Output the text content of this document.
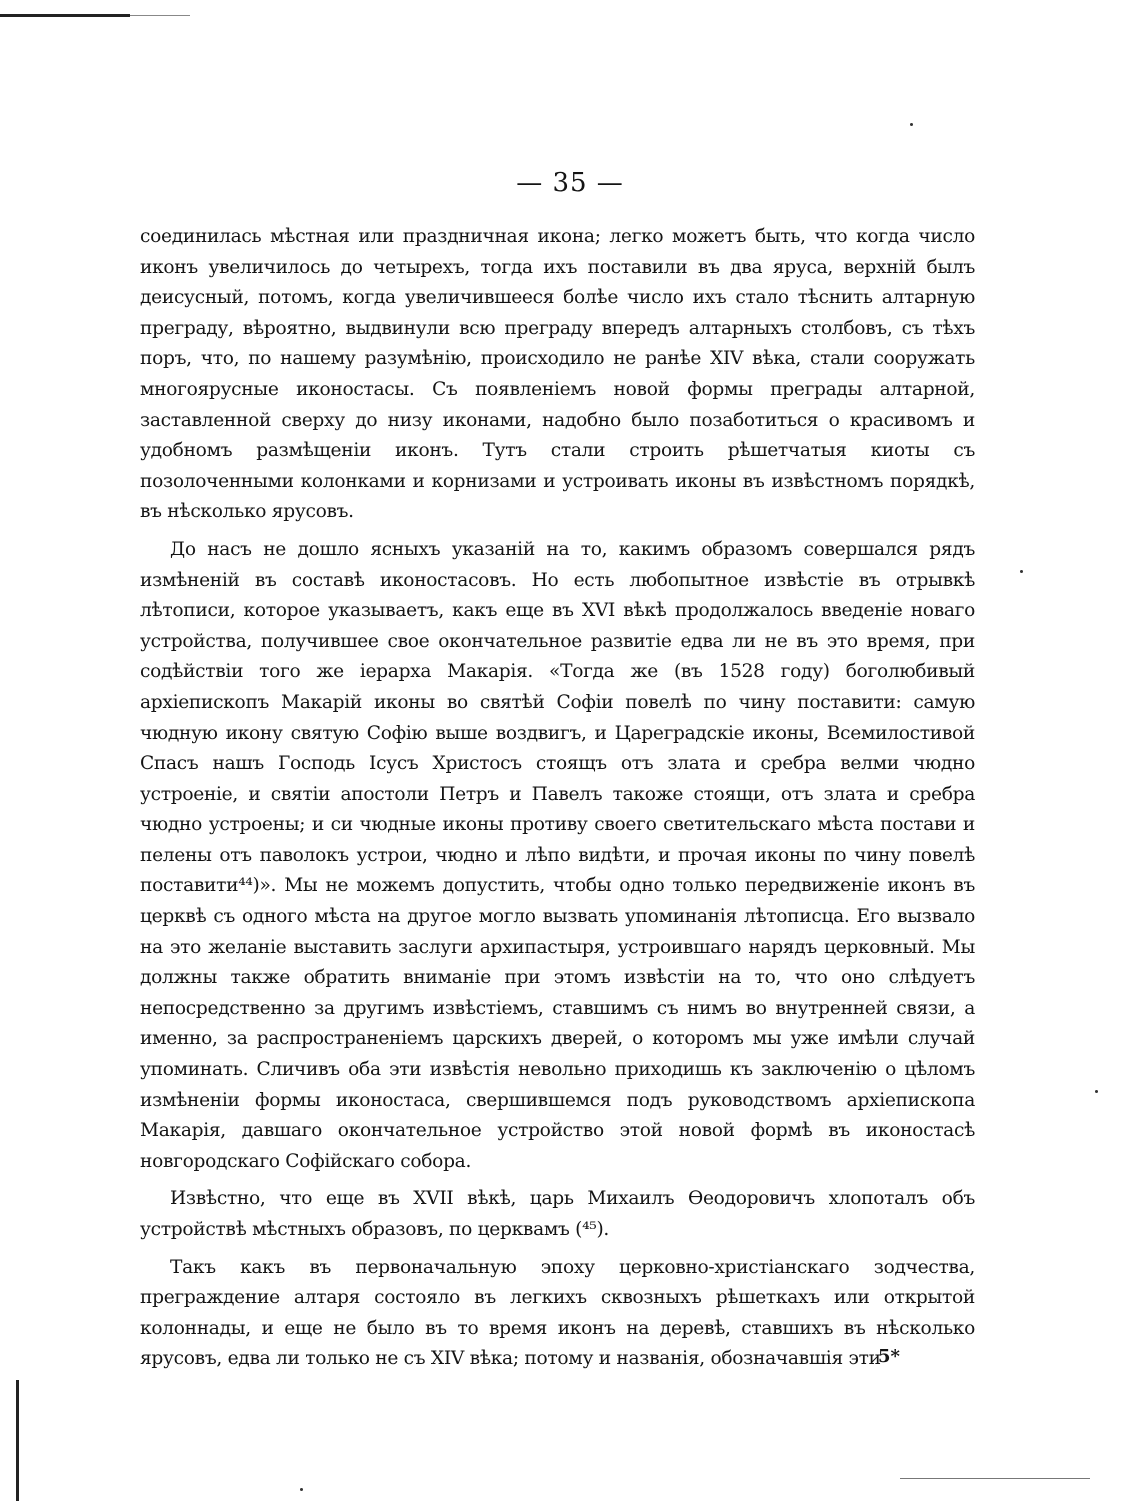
— 35 —

соединилась мѣстная или праздничная икона; легко можетъ быть, что когда число иконъ увеличилось до четырехъ, тогда ихъ поставили въ два яруса, верхній былъ деисусный, потомъ, когда увеличившееся болѣе число ихъ стало тѣснить алтарную преграду, вѣроятно, выдвинули всю преграду впередъ алтарныхъ столбовъ, съ тѣхъ поръ, что, по нашему разумѣнію, происходило не ранѣе XIV вѣка, стали сооружать многоярусные иконостасы. Съ появленіемъ новой формы преграды алтарной, заставленной сверху до низу иконами, надобно было позаботиться о красивомъ и удобномъ размѣщеніи иконъ. Тутъ стали строить рѣшетчатыя киоты съ позолоченными колонками и корнизами и устроивать иконы въ извѣстномъ порядкѣ, въ нѣсколько ярусовъ.

До насъ не дошло ясныхъ указаній на то, какимъ образомъ совершался рядъ измѣненій въ составѣ иконостасовъ. Но есть любопытное извѣстіе въ отрывкѣ лѣтописи, которое указываетъ, какъ еще въ XVI вѣкѣ продолжалось введеніе новаго устройства, получившее свое окончательное развитіе едва ли не въ это время, при содѣйствіи того же іерарха Макарія. «Тогда же (въ 1528 году) боголюбивый архіепископъ Макарій иконы во святѣй Софіи повелѣ по чину поставити: самую чюдную икону святую Софію выше воздвигъ, и Цареградскіе иконы, Всемилостивой Спасъ нашъ Господь Ісусъ Христосъ стоящъ отъ злата и сребра велми чюдно устроеніе, и святіи апостоли Петръ и Павелъ такоже стоящи, отъ злата и сребра чюдно устроены; и си чюдные иконы противу своего светительскаго мѣста постави и пелены отъ паволокъ устрои, чюдно и лѣпо видѣти, и прочая иконы по чину повелѣ поставити⁴⁴)». Мы не можемъ допустить, чтобы одно только передвиженіе иконъ въ церквѣ съ одного мѣста на другое могло вызвать упоминанія лѣтописца. Его вызвало на это желаніе выставить заслуги архипастыря, устроившаго нарядъ церковный. Мы должны также обратить вниманіе при этомъ извѣстіи на то, что оно слѣдуетъ непосредственно за другимъ извѣстіемъ, ставшимъ съ нимъ во внутренней связи, а именно, за распространеніемъ царскихъ дверей, о которомъ мы уже имѣли случай упоминать. Сличивъ оба эти извѣстія невольно приходишь къ заключенію о цѣломъ измѣненіи формы иконостаса, свершившемся подъ руководствомъ архіепископа Макарія, давшаго окончательное устройство этой новой формѣ въ иконостасѣ новгородскаго Софійскаго собора.

Извѣстно, что еще въ XVII вѣкѣ, царь Михаилъ Ѳеодоровичъ хлопоталъ объ устройствѣ мѣстныхъ образовъ, по церквамъ (⁴⁵).

Такъ какъ въ первоначальную эпоху церковно-христіанскаго зодчества, преграждение алтаря состояло въ легкихъ сквозныхъ рѣшеткахъ или открытой колоннады, и еще не было въ то время иконъ на деревѣ, ставшихъ въ нѣсколько ярусовъ, едва ли только не съ XIV вѣка; потому и названія, обозначавшія эти

5*
